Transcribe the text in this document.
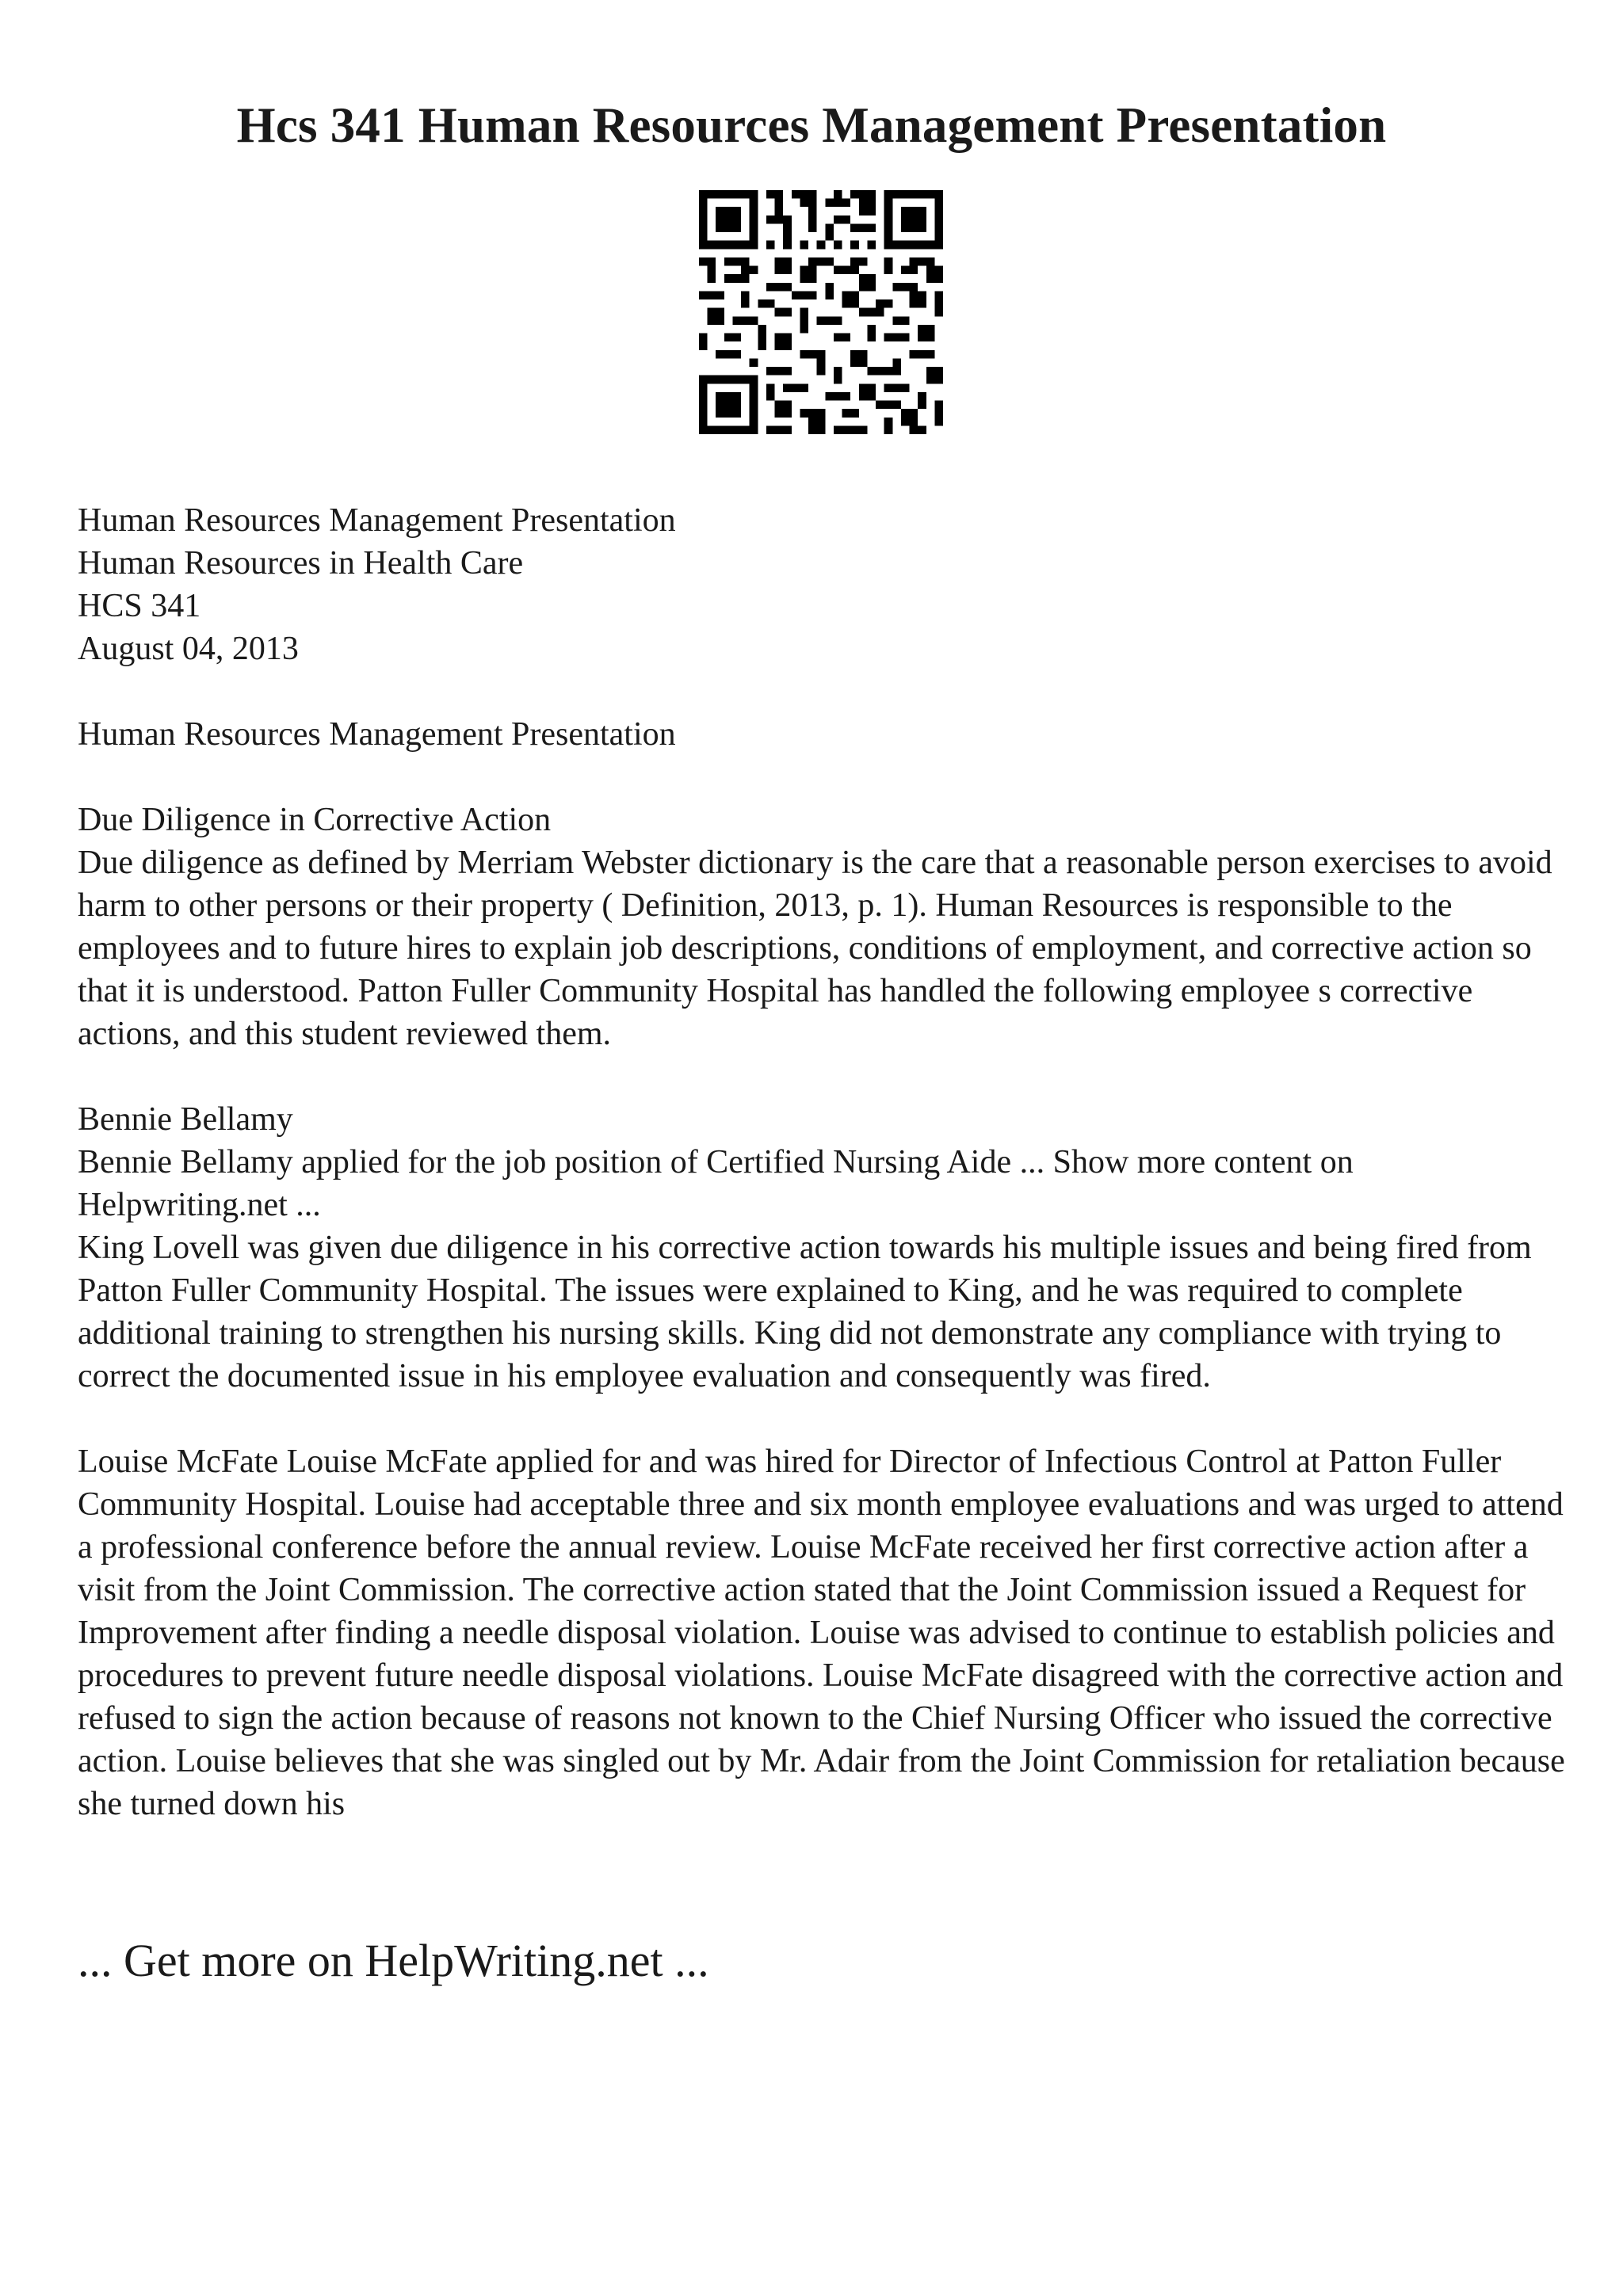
Hcs 341 Human Resources Management Presentation

Human Resources Management Presentation

Human Resources in Health Care

HCS 341

August 04, 2013

Human Resources Management Presentation

Due Diligence in Corrective Action

Due diligence as defined by Merriam Webster dictionary is the care that a reasonable person exercises to avoid harm to other persons or their property ( Definition, 2013, p. 1). Human Resources is responsible to the employees and to future hires to explain job descriptions, conditions of employment, and corrective action so that it is understood. Patton Fuller Community Hospital has handled the following employee s corrective actions, and this student reviewed them.

Bennie Bellamy

Bennie Bellamy applied for the job position of Certified Nursing Aide ... Show more content on Helpwriting.net ...

King Lovell was given due diligence in his corrective action towards his multiple issues and being fired from Patton Fuller Community Hospital. The issues were explained to King, and he was required to complete additional training to strengthen his nursing skills. King did not demonstrate any compliance with trying to correct the documented issue in his employee evaluation and consequently was fired.

Louise McFate Louise McFate applied for and was hired for Director of Infectious Control at Patton Fuller Community Hospital. Louise had acceptable three and six month employee evaluations and was urged to attend a professional conference before the annual review. Louise McFate received her first corrective action after a visit from the Joint Commission. The corrective action stated that the Joint Commission issued a Request for Improvement after finding a needle disposal violation. Louise was advised to continue to establish policies and procedures to prevent future needle disposal violations. Louise McFate disagreed with the corrective action and refused to sign the action because of reasons not known to the Chief Nursing Officer who issued the corrective action. Louise believes that she was singled out by Mr. Adair from the Joint Commission for retaliation because she turned down his

... Get more on HelpWriting.net ...
